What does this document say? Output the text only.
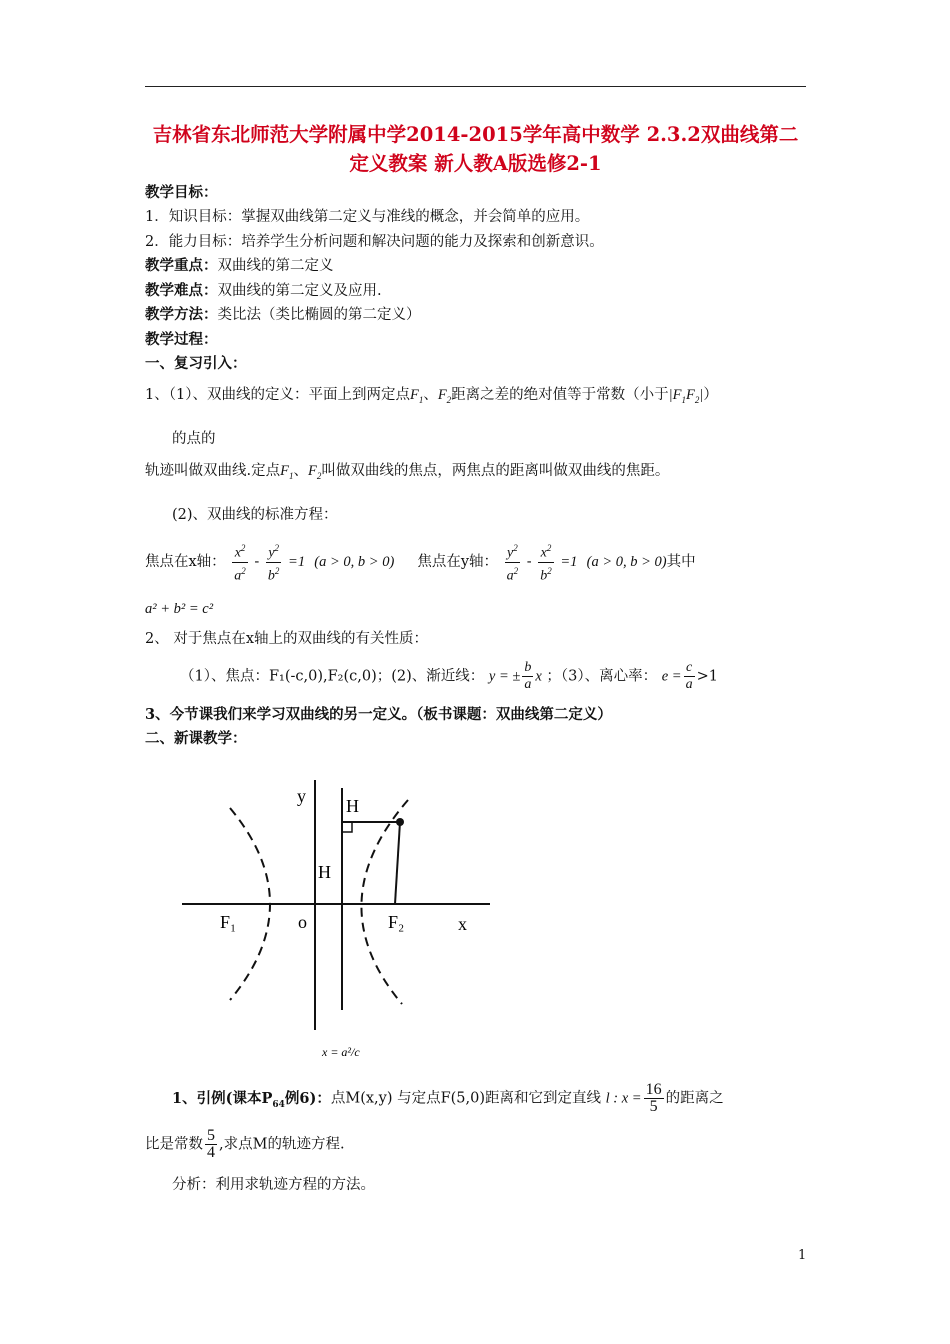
吉林省东北师范大学附属中学2014-2015学年高中数学 2.3.2双曲线第二定义教案 新人教A版选修2-1
教学目标：
1．知识目标：掌握双曲线第二定义与准线的概念，并会简单的应用。
2．能力目标：培养学生分析问题和解决问题的能力及探索和创新意识。
教学重点：双曲线的第二定义
教学难点：双曲线的第二定义及应用.
教学方法：类比法（类比椭圆的第二定义）
教学过程：
一、复习引入：
1、（1）、双曲线的定义：平面上到两定点$F_1$、$F_2$距离之差的绝对值等于常数（小于$|F_1F_2|$）
的点的
轨迹叫做双曲线.定点$F_1$、$F_2$叫做双曲线的焦点，两焦点的距离叫做双曲线的焦距。
(2)、双曲线的标准方程：
焦点在x轴： $\frac{x^2}{a^2} - \frac{y^2}{b^2} =1$ (a > 0, b > 0) 焦点在y轴： $\frac{y^2}{a^2} - \frac{x^2}{b^2} =1$ (a > 0, b > 0)其中
a² + b² = c²
2、 对于焦点在x轴上的双曲线的有关性质：
（1）、焦点：F₁(-c,0),F₂(c,0)；(2)、渐近线： y = ± $\frac{b}{a}$ x ；（3）、离心率： $e = \frac{c}{a} >1$
3、今节课我们来学习双曲线的另一定义。（板书课题：双曲线第二定义）
二、新课教学：
y
x
o
H
H
F₁	F₂
x = a²/c
1、引例(课本$P_{64}$例6)：点M(x,y) 与定点F(5,0)距离和它到定直线 l : $x = \frac{16}{5}$ 的距离之
比是常数 $\frac{5}{4}$ ,求点M的轨迹方程.
分析：利用求轨迹方程的方法。
1
